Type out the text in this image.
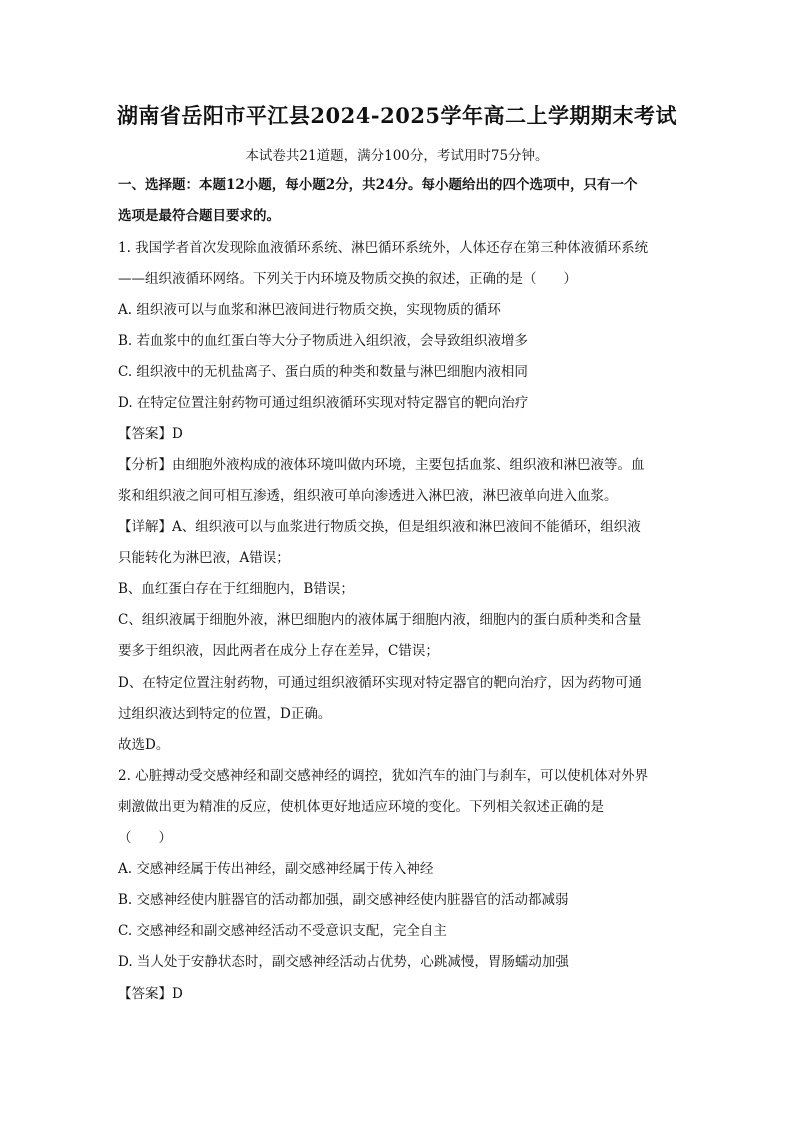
湖南省岳阳市平江县2024-2025学年高二上学期期末考试
本试卷共21道题，满分100分，考试用时75分钟。
一、选择题：本题12小题，每小题2分，共24分。每小题给出的四个选项中，只有一个
选项是最符合题目要求的。
1. 我国学者首次发现除血液循环系统、淋巴循环系统外，人体还存在第三种体液循环系统
——组织液循环网络。下列关于内环境及物质交换的叙述，正确的是（　　）
A. 组织液可以与血浆和淋巴液间进行物质交换，实现物质的循环
B. 若血浆中的血红蛋白等大分子物质进入组织液，会导致组织液增多
C. 组织液中的无机盐离子、蛋白质的种类和数量与淋巴细胞内液相同
D. 在特定位置注射药物可通过组织液循环实现对特定器官的靶向治疗
【答案】D
【分析】由细胞外液构成的液体环境叫做内环境，主要包括血浆、组织液和淋巴液等。血
浆和组织液之间可相互渗透，组织液可单向渗透进入淋巴液，淋巴液单向进入血浆。
【详解】A、组织液可以与血浆进行物质交换，但是组织液和淋巴液间不能循环，组织液
只能转化为淋巴液，A错误；
B、血红蛋白存在于红细胞内，B错误；
C、组织液属于细胞外液，淋巴细胞内的液体属于细胞内液，细胞内的蛋白质种类和含量
要多于组织液，因此两者在成分上存在差异，C错误；
D、在特定位置注射药物，可通过组织液循环实现对特定器官的靶向治疗，因为药物可通
过组织液达到特定的位置，D正确。
故选D。
2. 心脏搏动受交感神经和副交感神经的调控，犹如汽车的油门与刹车，可以使机体对外界
刺激做出更为精准的反应，使机体更好地适应环境的变化。下列相关叙述正确的是
（　　）
A. 交感神经属于传出神经，副交感神经属于传入神经
B. 交感神经使内脏器官的活动都加强，副交感神经使内脏器官的活动都减弱
C. 交感神经和副交感神经活动不受意识支配，完全自主
D. 当人处于安静状态时，副交感神经活动占优势，心跳减慢，胃肠蠕动加强
【答案】D
